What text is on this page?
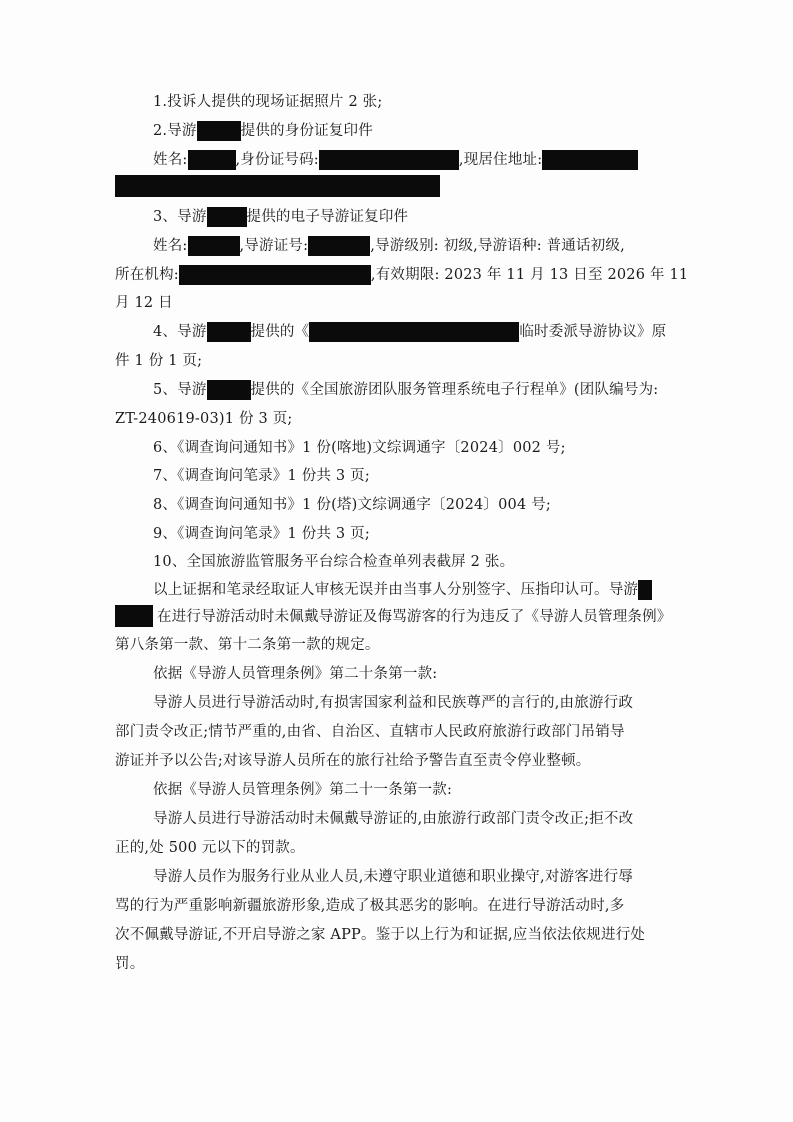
1.投诉人提供的现场证据照片 2 张;
2.导游	提供的身份证复印件
姓名:	,身份证号码:	,现居住地址:
3、导游	提供的电子导游证复印件
姓名:	,导游证号:	,导游级别: 初级,导游语种: 普通话初级,
所在机构:	,有效期限: 2023 年 11 月 13 日至 2026 年 11
月 12 日
4、导游	提供的《	临时委派导游协议》原
件 1 份 1 页;
5、导游	提供的《全国旅游团队服务管理系统电子行程单》(团队编号为:
ZT-240619-03)1 份 3 页;
6、《调查询问通知书》1 份(喀地)文综调通字〔2024〕002 号;
7、《调查询问笔录》1 份共 3 页;
8、《调查询问通知书》1 份(塔)文综调通字〔2024〕004 号;
9、《调查询问笔录》1 份共 3 页;
10、全国旅游监管服务平台综合检查单列表截屏 2 张。
以上证据和笔录经取证人审核无误并由当事人分别签字、压指印认可。导游
在进行导游活动时未佩戴导游证及侮骂游客的行为违反了《导游人员管理条例》
第八条第一款、第十二条第一款的规定。
依据《导游人员管理条例》第二十条第一款:
导游人员进行导游活动时,有损害国家利益和民族尊严的言行的,由旅游行政
部门责令改正;情节严重的,由省、自治区、直辖市人民政府旅游行政部门吊销导
游证并予以公告;对该导游人员所在的旅行社给予警告直至责令停业整顿。
依据《导游人员管理条例》第二十一条第一款:
导游人员进行导游活动时未佩戴导游证的,由旅游行政部门责令改正;拒不改
正的,处 500 元以下的罚款。
导游人员作为服务行业从业人员,未遵守职业道德和职业操守,对游客进行辱
骂的行为严重影响新疆旅游形象,造成了极其恶劣的影响。在进行导游活动时,多
次不佩戴导游证,不开启导游之家 APP。鉴于以上行为和证据,应当依法依规进行处
罚。
